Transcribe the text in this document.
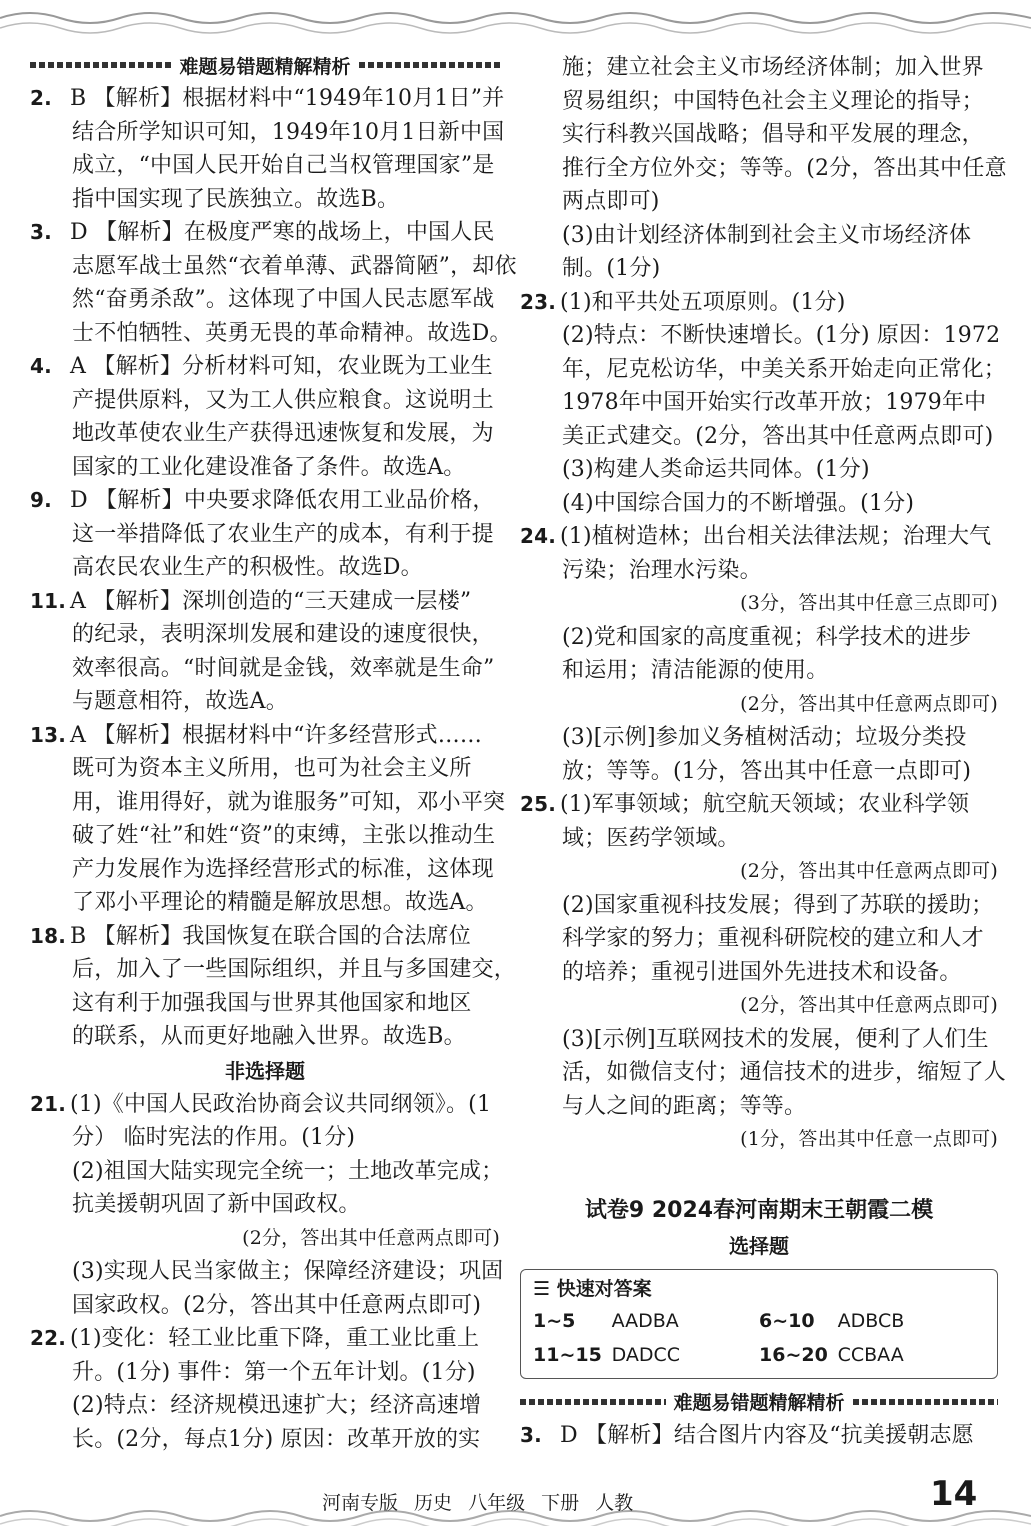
难题易错题精解精析
2. B 【解析】根据材料中“1949年10月1日”并
结合所学知识可知，1949年10月1日新中国
成立，“中国人民开始自己当权管理国家”是
指中国实现了民族独立。故选B。
3. D 【解析】在极度严寒的战场上，中国人民
志愿军战士虽然“衣着单薄、武器简陋”，却依
然“奋勇杀敌”。这体现了中国人民志愿军战
士不怕牺牲、英勇无畏的革命精神。故选D。
4. A 【解析】分析材料可知，农业既为工业生
产提供原料，又为工人供应粮食。这说明土
地改革使农业生产获得迅速恢复和发展，为
国家的工业化建设准备了条件。故选A。
9. D 【解析】中央要求降低农用工业品价格，
这一举措降低了农业生产的成本，有利于提
高农民农业生产的积极性。故选D。
11. A 【解析】深圳创造的“三天建成一层楼”
的纪录，表明深圳发展和建设的速度很快，
效率很高。“时间就是金钱，效率就是生命”
与题意相符，故选A。
13. A 【解析】根据材料中“许多经营形式……
既可为资本主义所用，也可为社会主义所
用，谁用得好，就为谁服务”可知，邓小平突
破了姓“社”和姓“资”的束缚，主张以推动生
产力发展作为选择经营形式的标准，这体现
了邓小平理论的精髓是解放思想。故选A。
18. B 【解析】我国恢复在联合国的合法席位
后，加入了一些国际组织，并且与多国建交，
这有利于加强我国与世界其他国家和地区
的联系，从而更好地融入世界。故选B。
非选择题
21. (1)《中国人民政治协商会议共同纲领》。(1
分） 临时宪法的作用。(1分)
(2)祖国大陆实现完全统一；土地改革完成；
抗美援朝巩固了新中国政权。
(2分，答出其中任意两点即可)
(3)实现人民当家做主；保障经济建设；巩固
国家政权。(2分，答出其中任意两点即可)
22. (1)变化：轻工业比重下降，重工业比重上
升。(1分) 事件：第一个五年计划。(1分)
(2)特点：经济规模迅速扩大；经济高速增
长。(2分，每点1分) 原因：改革开放的实
施；建立社会主义市场经济体制；加入世界
贸易组织；中国特色社会主义理论的指导；
实行科教兴国战略；倡导和平发展的理念，
推行全方位外交；等等。(2分，答出其中任意
两点即可)
(3)由计划经济体制到社会主义市场经济体
制。(1分)
23. (1)和平共处五项原则。(1分)
(2)特点：不断快速增长。(1分) 原因：1972
年，尼克松访华，中美关系开始走向正常化；
1978年中国开始实行改革开放；1979年中
美正式建交。(2分，答出其中任意两点即可)
(3)构建人类命运共同体。(1分)
(4)中国综合国力的不断增强。(1分)
24. (1)植树造林；出台相关法律法规；治理大气
污染；治理水污染。
(3分，答出其中任意三点即可)
(2)党和国家的高度重视；科学技术的进步
和运用；清洁能源的使用。
(2分，答出其中任意两点即可)
(3)[示例]参加义务植树活动；垃圾分类投
放；等等。(1分，答出其中任意一点即可)
25. (1)军事领域；航空航天领域；农业科学领
域；医药学领域。
(2分，答出其中任意两点即可)
(2)国家重视科技发展；得到了苏联的援助；
科学家的努力；重视科研院校的建立和人才
的培养；重视引进国外先进技术和设备。
(2分，答出其中任意两点即可)
(3)[示例]互联网技术的发展，便利了人们生
活，如微信支付；通信技术的进步，缩短了人
与人之间的距离；等等。
(1分，答出其中任意一点即可)
试卷9 2024春河南期末王朝霞二模
选择题
☰ 快速对答案
1~5	AADBA	6~10	ADBCB
11~15 DADCC	16~20 CCBAA
难题易错题精解精析
3. D 【解析】结合图片内容及“抗美援朝志愿
河南专版 历史 八年级 下册 人教	14
